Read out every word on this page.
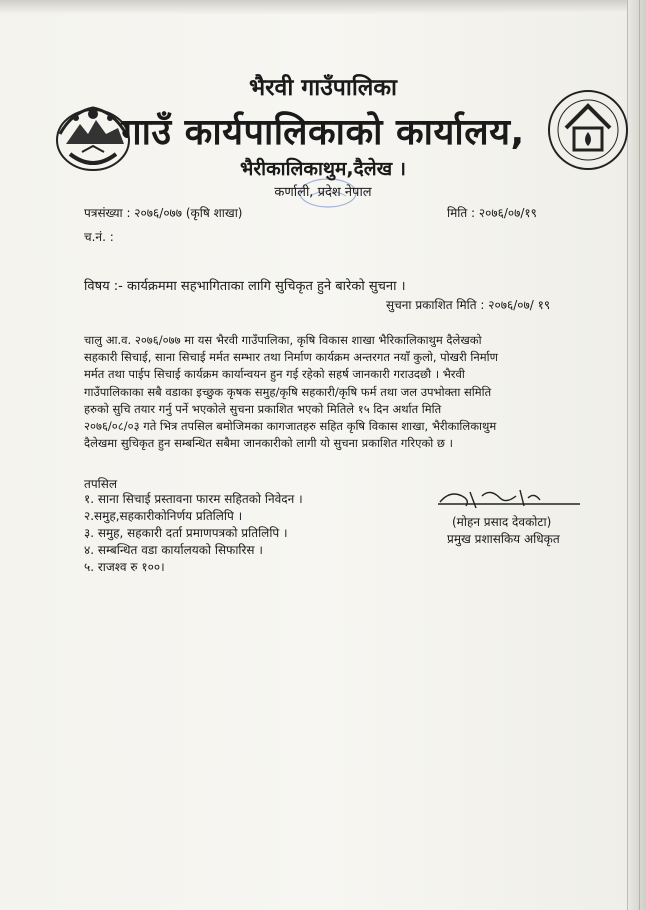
भैरवी गाउँपालिका
गाउँ कार्यपालिकाको कार्यालय,
भैरीकालिकाथुम,दैलेख ।
कर्णाली, प्रदेश नेपाल
पत्रसंख्या : २०७६/०७७ (कृषि शाखा)	मिति : २०७६/०७/१९
च.नं. :
विषय :- कार्यक्रममा सहभागिताका लागि सुचिकृत हुने बारेको सुचना ।
सुचना प्रकाशित मिति : २०७६/०७/ १९
चालु आ.व. २०७६/०७७ मा यस भैरवी गाउँपालिका, कृषि विकास शाखा भैरिकालिकाथुम दैलेखको
सहकारी सिचाई, साना सिचाई मर्मत सम्भार तथा निर्माण कार्यक्रम अन्तरगत नयाँ कुलो, पोखरी निर्माण
मर्मत तथा पाईप सिचाई कार्यक्रम कार्यान्वयन हुन गई रहेको सहर्ष जानकारी गराउदछौ । भैरवी
गाउँपालिकाका सबै वडाका इच्छुक कृषक समुह/कृषि सहकारी/कृषि फर्म तथा जल उपभोक्ता समिति
हरुको सुचि तयार गर्नु पर्ने भएकोले सुचना प्रकाशित भएको मितिले १५ दिन अर्थात मिति
२०७६/०८/०३ गते भित्र तपसिल बमोजिमका कागजातहरु सहित कृषि विकास शाखा, भैरीकालिकाथुम
दैलेखमा सुचिकृत हुन सम्बन्धित सबैमा जानकारीको लागी यो सुचना प्रकाशित गरिएको छ ।
तपसिल
१. साना सिचाई प्रस्तावना फारम सहितको निवेदन ।
२.समुह,सहकारीकोनिर्णय प्रतिलिपि ।
३. समुह, सहकारी दर्ता प्रमाणपत्रको प्रतिलिपि ।
४. सम्बन्धित वडा कार्यालयको सिफारिस ।
५. राजश्व रु १००।
(मोहन प्रसाद देवकोटा)
प्रमुख प्रशासकिय अधिकृत
